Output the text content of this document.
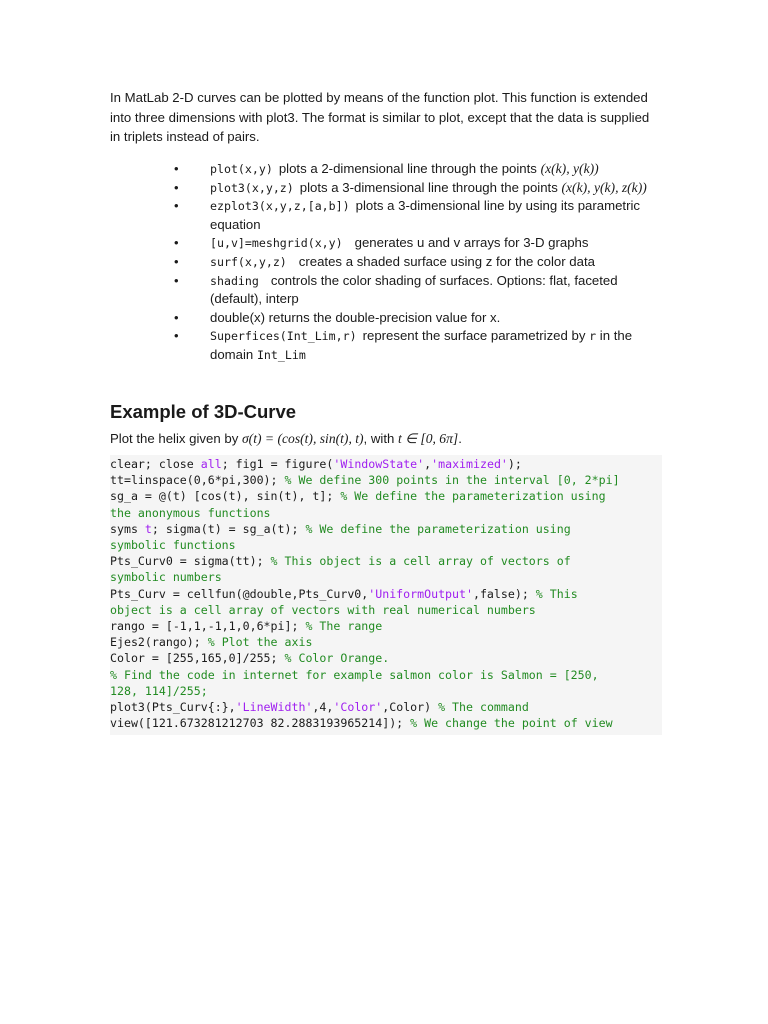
In MatLab 2-D curves can be plotted by means of the function plot. This function is extended into three dimensions with plot3. The format is similar to plot, except that the data is supplied in triplets instead of pairs.

• plot(x,y) plots a 2-dimensional line through the points (x(k), y(k))
• plot3(x,y,z) plots a 3-dimensional line through the points (x(k), y(k), z(k))
• ezplot3(x,y,z,[a,b]) plots a 3-dimensional line by using its parametric equation
• [u,v]=meshgrid(x,y) generates u and v arrays for 3-D graphs
• surf(x,y,z) creates a shaded surface using z for the color data
• shading controls the color shading of surfaces. Options: flat, faceted (default), interp
• double(x) returns the double-precision value for x.
• Superfices(Int_Lim,r) represent the surface parametrized by r in the domain Int_Lim
Example of 3D-Curve

Plot the helix given by σ(t) = (cos(t), sin(t), t), with t ∈ [0, 6π].

clear; close all; fig1 = figure('WindowState','maximized');
tt=linspace(0,6*pi,300); % We define 300 points in the interval [0, 2*pi]
sg_a = @(t) [cos(t), sin(t), t]; % We define the parameterization using
the anonymous functions
syms t; sigma(t) = sg_a(t); % We define the parameterization using
symbolic functions
Pts_Curv0 = sigma(tt); % This object is a cell array of vectors of
symbolic numbers
Pts_Curv = cellfun(@double,Pts_Curv0,'UniformOutput',false); % This
object is a cell array of vectors with real numerical numbers
rango = [-1,1,-1,1,0,6*pi]; % The range
Ejes2(rango); % Plot the axis
Color = [255,165,0]/255; % Color Orange.
% Find the code in internet for example salmon color is Salmon = [250,
128, 114]/255;
plot3(Pts_Curv{:},'LineWidth',4,'Color',Color) % The command
view([121.673281212703 82.2883193965214]); % We change the point of view
